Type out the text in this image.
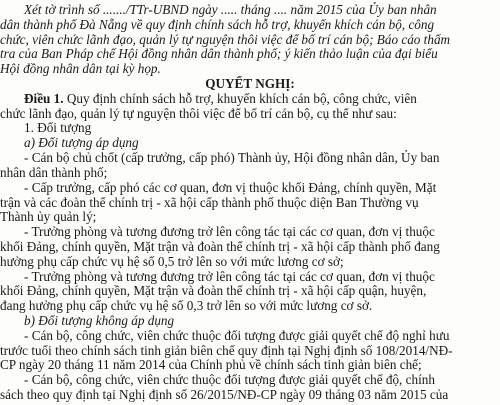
Xét tờ trình số ......./TTr-UBND ngày ..... tháng .... năm 2015 của Ủy ban nhân
dân thành phố Đà Nẵng về quy định chính sách hỗ trợ, khuyến khích cán bộ, công
chức, viên chức lãnh đạo, quản lý tự nguyện thôi việc để bố trí cán bộ; Báo cáo thẩm
tra của Ban Pháp chế Hội đồng nhân dân thành phố; ý kiến thảo luận của đại biểu
Hội đồng nhân dân tại kỳ họp.
QUYẾT NGHỊ:
Điều 1. Quy định chính sách hỗ trợ, khuyến khích cán bộ, công chức, viên
chức lãnh đạo, quản lý tự nguyện thôi việc để bố trí cán bộ, cụ thể như sau:
1. Đối tượng
a) Đối tượng áp dụng
- Cán bộ chủ chốt (cấp trưởng, cấp phó) Thành ủy, Hội đồng nhân dân, Ủy ban
nhân dân thành phố;
- Cấp trưởng, cấp phó các cơ quan, đơn vị thuộc khối Đảng, chính quyền, Mặt
trận và các đoàn thể chính trị - xã hội cấp thành phố thuộc diện Ban Thường vụ
Thành ủy quản lý;
- Trưởng phòng và tương đương trở lên công tác tại các cơ quan, đơn vị thuộc
khối Đảng, chính quyền, Mặt trận và đoàn thể chính trị - xã hội cấp thành phố đang
hưởng phụ cấp chức vụ hệ số 0,5 trở lên so với mức lương cơ sở;
- Trưởng phòng và tương đương trở lên công tác tại các cơ quan, đơn vị thuộc
khối Đảng, chính quyền, Mặt trận và đoàn thể chính trị - xã hội cấp quận, huyện,
đang hưởng phụ cấp chức vụ hệ số 0,3 trở lên so với mức lương cơ sở.
b) Đối tượng không áp dụng
- Cán bộ, công chức, viên chức thuộc đối tượng được giải quyết chế độ nghỉ hưu
trước tuổi theo chính sách tinh giản biên chế quy định tại Nghị định số 108/2014/NĐ-
CP ngày 20 tháng 11 năm 2014 của Chính phủ về chính sách tinh giản biên chế;
- Cán bộ, công chức, viên chức thuộc đối tượng được giải quyết chế độ, chính
sách theo quy định tại Nghị định số 26/2015/NĐ-CP ngày 09 tháng 03 năm 2015 của
